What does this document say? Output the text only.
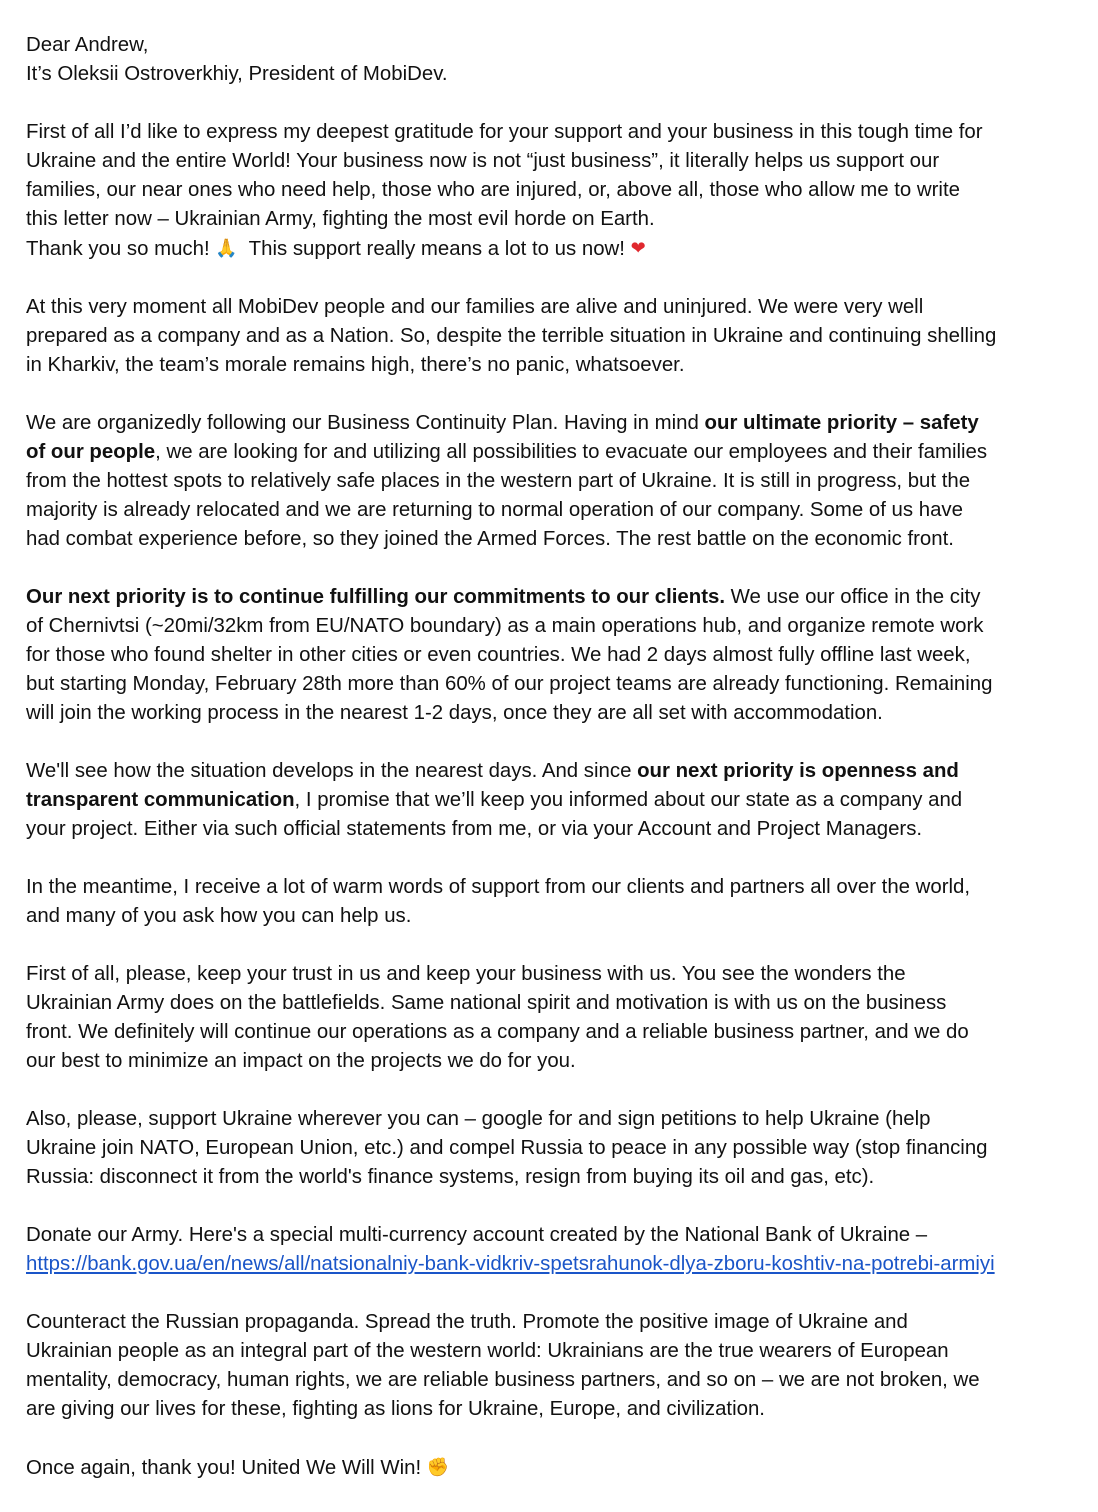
Dear Andrew,
It’s Oleksii Ostroverkhiy, President of MobiDev.
First of all I’d like to express my deepest gratitude for your support and your business in this tough time for
Ukraine and the entire World! Your business now is not “just business”, it literally helps us support our
families, our near ones who need help, those who are injured, or, above all, those who allow me to write
this letter now – Ukrainian Army, fighting the most evil horde on Earth.
Thank you so much! 🙏 This support really means a lot to us now! ❤
At this very moment all MobiDev people and our families are alive and uninjured. We were very well
prepared as a company and as a Nation. So, despite the terrible situation in Ukraine and continuing shelling
in Kharkiv, the team’s morale remains high, there’s no panic, whatsoever.
We are organizedly following our Business Continuity Plan. Having in mind our ultimate priority – safety
of our people, we are looking for and utilizing all possibilities to evacuate our employees and their families
from the hottest spots to relatively safe places in the western part of Ukraine. It is still in progress, but the
majority is already relocated and we are returning to normal operation of our company. Some of us have
had combat experience before, so they joined the Armed Forces. The rest battle on the economic front.
Our next priority is to continue fulfilling our commitments to our clients. We use our office in the city
of Chernivtsi (~20mi/32km from EU/NATO boundary) as a main operations hub, and organize remote work
for those who found shelter in other cities or even countries. We had 2 days almost fully offline last week,
but starting Monday, February 28th more than 60% of our project teams are already functioning. Remaining
will join the working process in the nearest 1-2 days, once they are all set with accommodation.
We'll see how the situation develops in the nearest days. And since our next priority is openness and
transparent communication, I promise that we’ll keep you informed about our state as a company and
your project. Either via such official statements from me, or via your Account and Project Managers.
In the meantime, I receive a lot of warm words of support from our clients and partners all over the world,
and many of you ask how you can help us.
First of all, please, keep your trust in us and keep your business with us. You see the wonders the
Ukrainian Army does on the battlefields. Same national spirit and motivation is with us on the business
front. We definitely will continue our operations as a company and a reliable business partner, and we do
our best to minimize an impact on the projects we do for you.
Also, please, support Ukraine wherever you can – google for and sign petitions to help Ukraine (help
Ukraine join NATO, European Union, etc.) and compel Russia to peace in any possible way (stop financing
Russia: disconnect it from the world's finance systems, resign from buying its oil and gas, etc).
Donate our Army. Here's a special multi-currency account created by the National Bank of Ukraine –
https://bank.gov.ua/en/news/all/natsionalniy-bank-vidkriv-spetsrahunok-dlya-zboru-koshtiv-na-potrebi-armiyi
Counteract the Russian propaganda. Spread the truth. Promote the positive image of Ukraine and
Ukrainian people as an integral part of the western world: Ukrainians are the true wearers of European
mentality, democracy, human rights, we are reliable business partners, and so on – we are not broken, we
are giving our lives for these, fighting as lions for Ukraine, Europe, and civilization.
Once again, thank you! United We Will Win! ✊
